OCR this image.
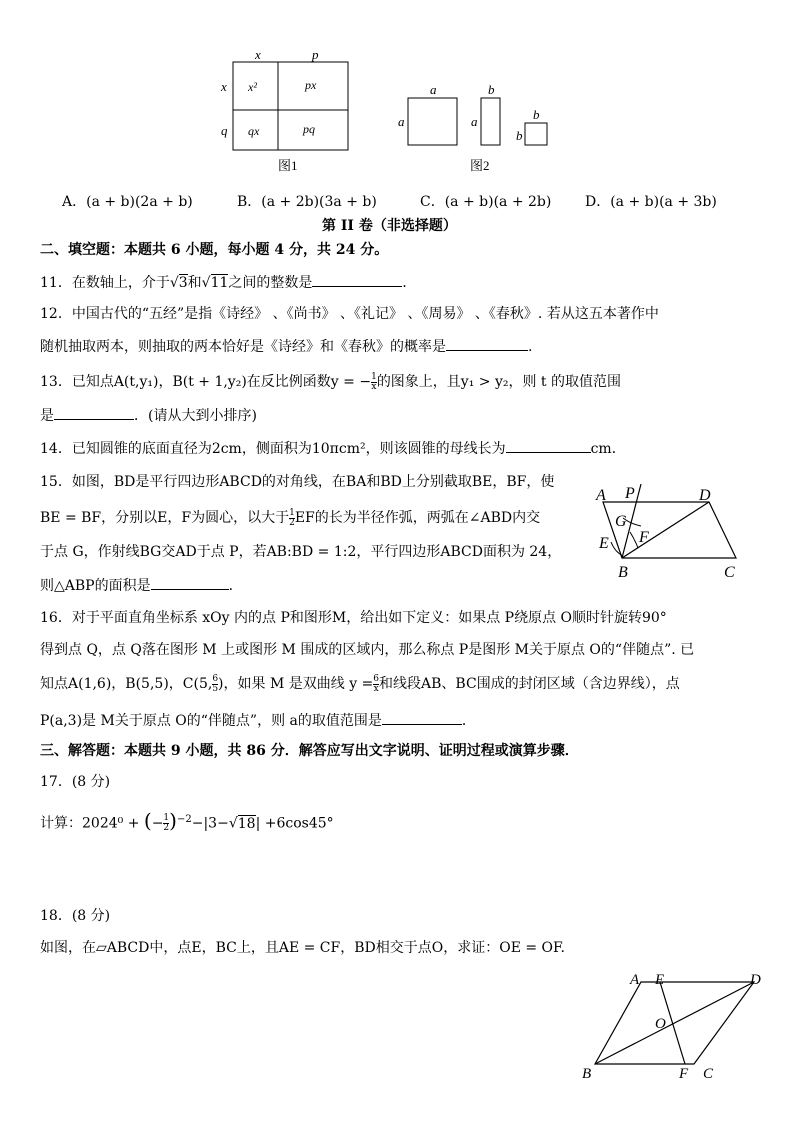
x	p
x
q
x²	px
qx	pq
图1
a
a
b
a	b
b
图2
A．(a + b)(2a + b)	B．(a + 2b)(3a + b)	C．(a + b)(a + 2b) D．(a + b)(a + 3b)
第 II 卷（非选择题）
二、填空题：本题共 6 小题，每小题 4 分，共 24 分。
11．在数轴上，介于√3和√11之间的整数是	．
12．中国古代的“五经”是指《诗经》 、《尚书》 、《礼记》 、《周易》 、《春秋》. 若从这五本著作中
随机抽取两本，则抽取的两本恰好是《诗经》和《春秋》的概率是	.
13．已知点A(t,y₁)，B(t + 1,y₂)在反比例函数y = − $\frac{1}{x}$ 的图象上，且y₁ > y₂，则 t 的取值范围
是	．(请从大到小排序)
14．已知圆锥的底面直径为2cm，侧面积为10πcm²，则该圆锥的母线长为	cm．
15．如图，BD是平行四边形ABCD的对角线，在BA和BD上分别截取BE，BF，使
BE = BF，分别以E，F为圆心，以大于 $\frac{1}{2}$ EF的长为半径作弧，两弧在∠ABD内交
于点 G，作射线BG交AD于点 P，若AB:BD = 1:2，平行四边形ABCD面积为 24，
则△ABP的面积是	．
A P	D
G
F
E
B	C
16．对于平面直角坐标系 xOy 内的点 P和图形M，给出如下定义：如果点 P绕原点 O顺时针旋转90°
得到点 Q，点 Q落在图形 M 上或图形 M 围成的区域内，那么称点 P是图形 M关于原点 O的“伴随点”. 已
知点A(1,6)，B(5,5)，C(5, $\frac{6}{5}$ )，如果 M 是双曲线 $y = \frac{6}{x}$ 和线段AB、BC围成的封闭区域（含边界线），点
P(a,3)是 M关于原点 O的“伴随点”，则 a的取值范围是	．
三、解答题：本题共 9 小题，共 86 分．解答应写出文字说明、证明过程或演算步骤．
17．(8 分)
计算：2024⁰ + (− $\frac{1}{2} )^{-2}-|3-√18| +6\cos 45^\circ$
18．(8 分)
如图，在▱ABCD中，点E，BC上，且AE = CF，BD相交于点O，求证：OE = OF.
A E	D
O
B	F C
